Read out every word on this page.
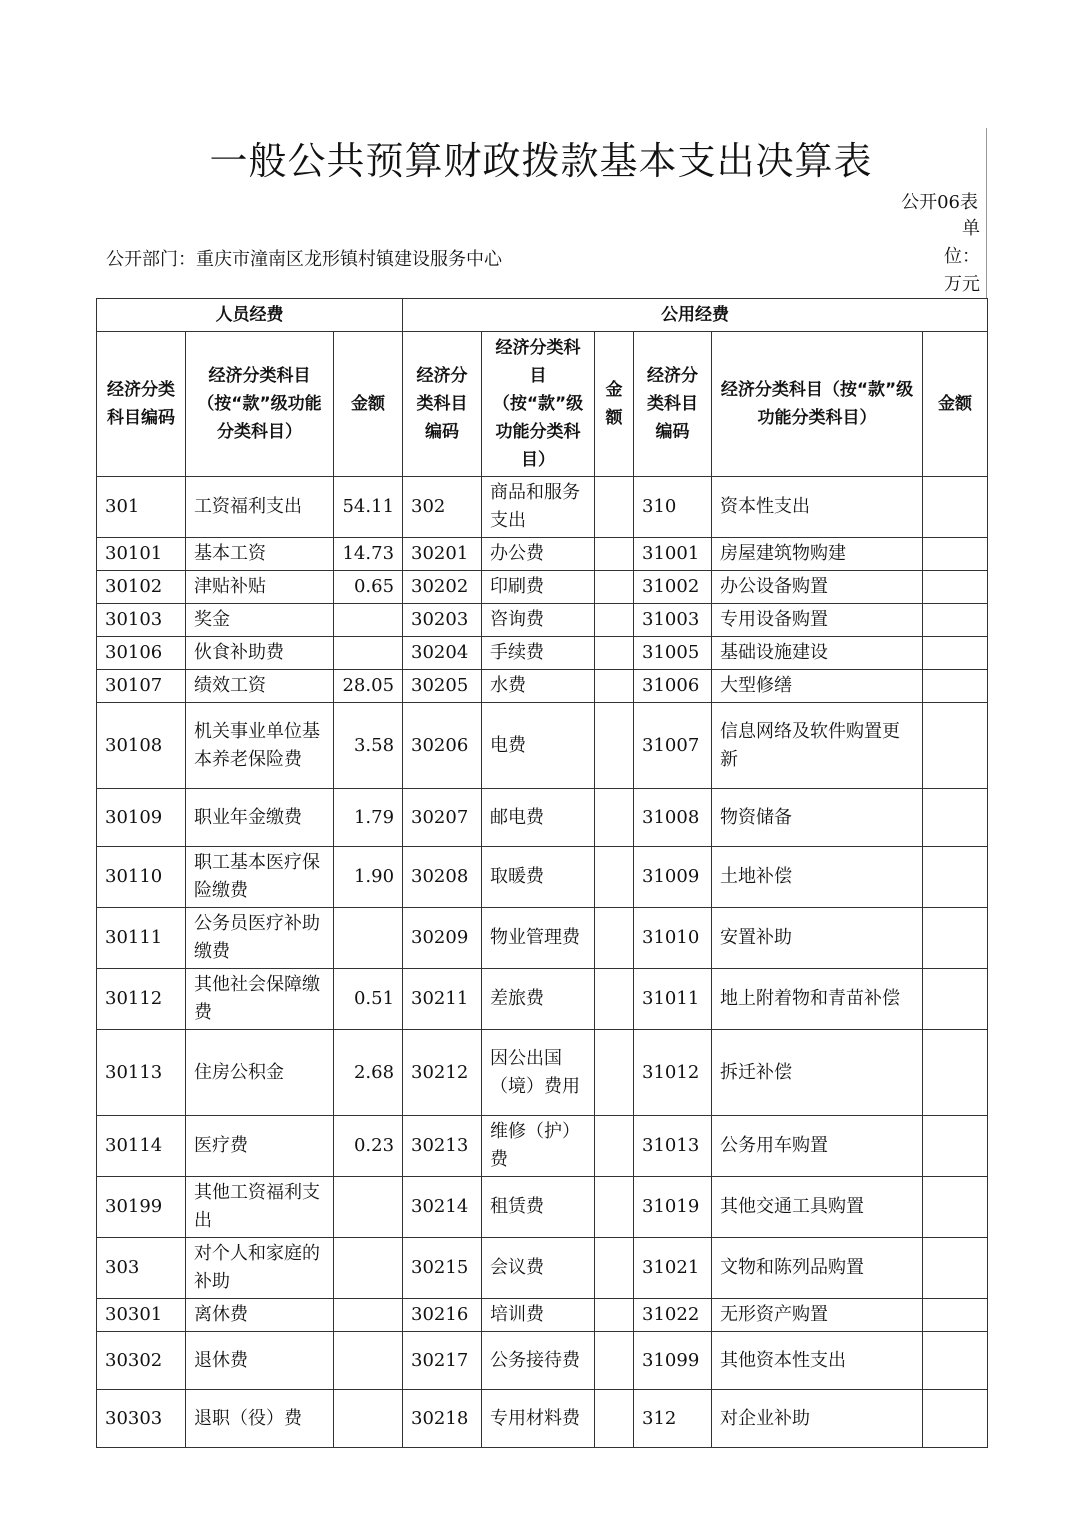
一般公共预算财政拨款基本支出决算表
公开06表
单位：
万元
公开部门：重庆市潼南区龙形镇村镇建设服务中心
人员经费			公用经费					
经济分类科目编码	经济分类科目（按“款”级功能分类科目）	金额	经济分类科目编码	经济分类科目（按“款”级功能分类科目）	金额	经济分类科目编码	经济分类科目（按“款”级功能分类科目）	金额
301	工资福利支出	54.11	302	商品和服务支出		310	资本性支出	
30101	基本工资	14.73	30201	办公费		31001	房屋建筑物购建	
30102	津贴补贴	0.65	30202	印刷费		31002	办公设备购置	
30103	奖金		30203	咨询费		31003	专用设备购置	
30106	伙食补助费		30204	手续费		31005	基础设施建设	
30107	绩效工资	28.05	30205	水费		31006	大型修缮	
30108	机关事业单位基本养老保险费	3.58	30206	电费		31007	信息网络及软件购置更新	
30109	职业年金缴费	1.79	30207	邮电费		31008	物资储备	
30110	职工基本医疗保险缴费	1.90	30208	取暖费		31009	土地补偿	
30111	公务员医疗补助缴费		30209	物业管理费		31010	安置补助	
30112	其他社会保障缴费	0.51	30211	差旅费		31011	地上附着物和青苗补偿	
30113	住房公积金	2.68	30212	因公出国（境）费用		31012	拆迁补偿	
30114	医疗费	0.23	30213	维修（护）费		31013	公务用车购置	
30199	其他工资福利支出		30214	租赁费		31019	其他交通工具购置	
303	对个人和家庭的补助		30215	会议费		31021	文物和陈列品购置	
30301	离休费		30216	培训费		31022	无形资产购置	
30302	退休费		30217	公务接待费		31099	其他资本性支出	
30303	退职（役）费		30218	专用材料费		312	对企业补助	
